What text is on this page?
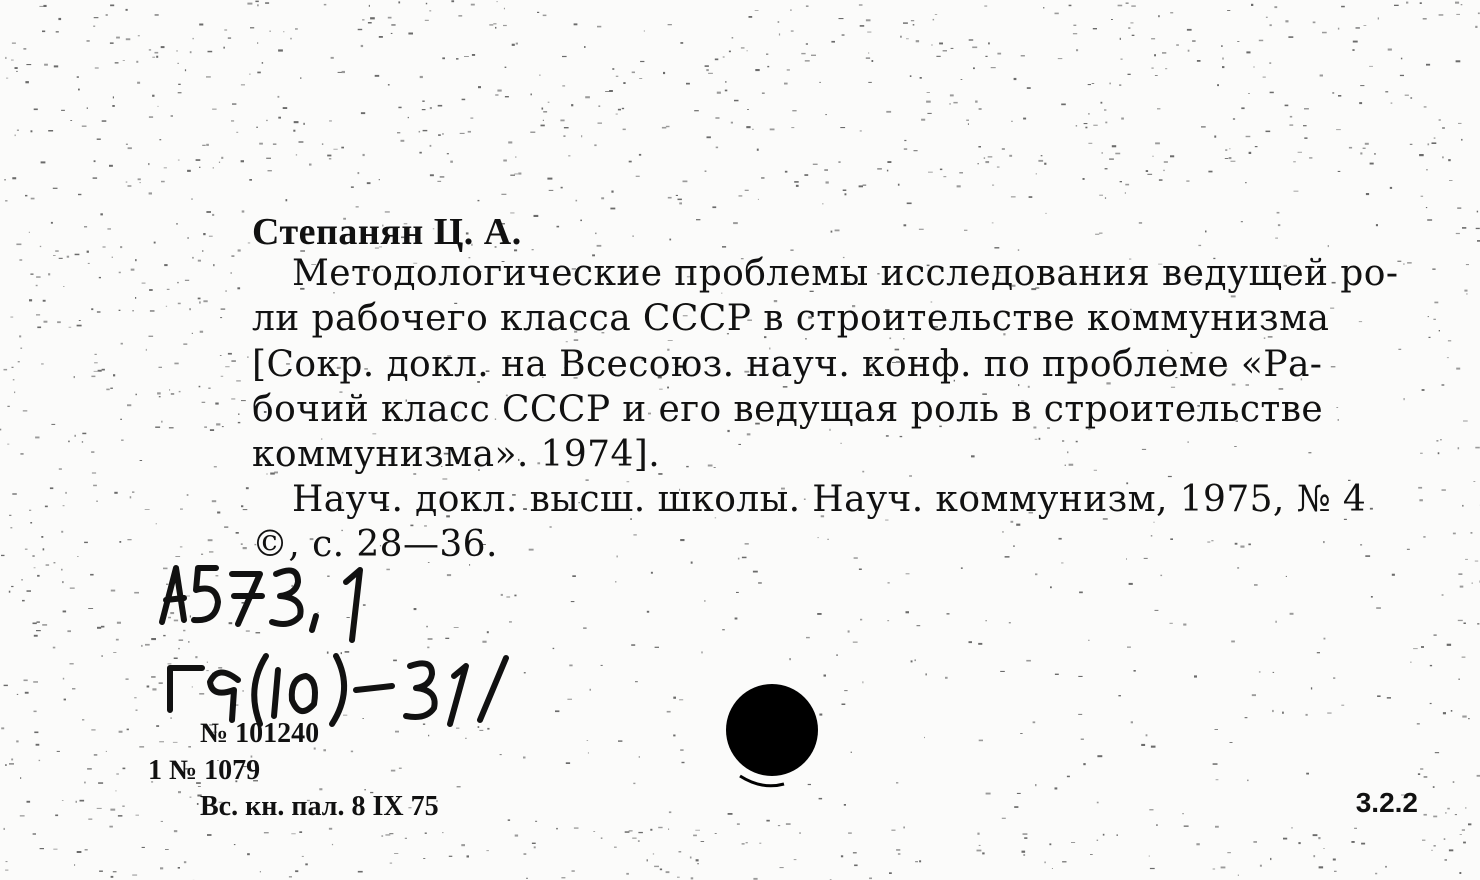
Степанян Ц. А.
Методологические проблемы исследования ведущей ро-
ли рабочего класса СССР в строительстве коммунизма
[Сокр. докл. на Всесоюз. науч. конф. по проблеме «Ра-
бочий класс СССР и его ведущая роль в строительстве
коммунизма». 1974].
Науч. докл. высш. школы. Науч. коммунизм, 1975, № 4
©, с. 28—36.
№ 101240
1 № 1079
Вс. кн. пал. 8 IX 75	3.2.2
